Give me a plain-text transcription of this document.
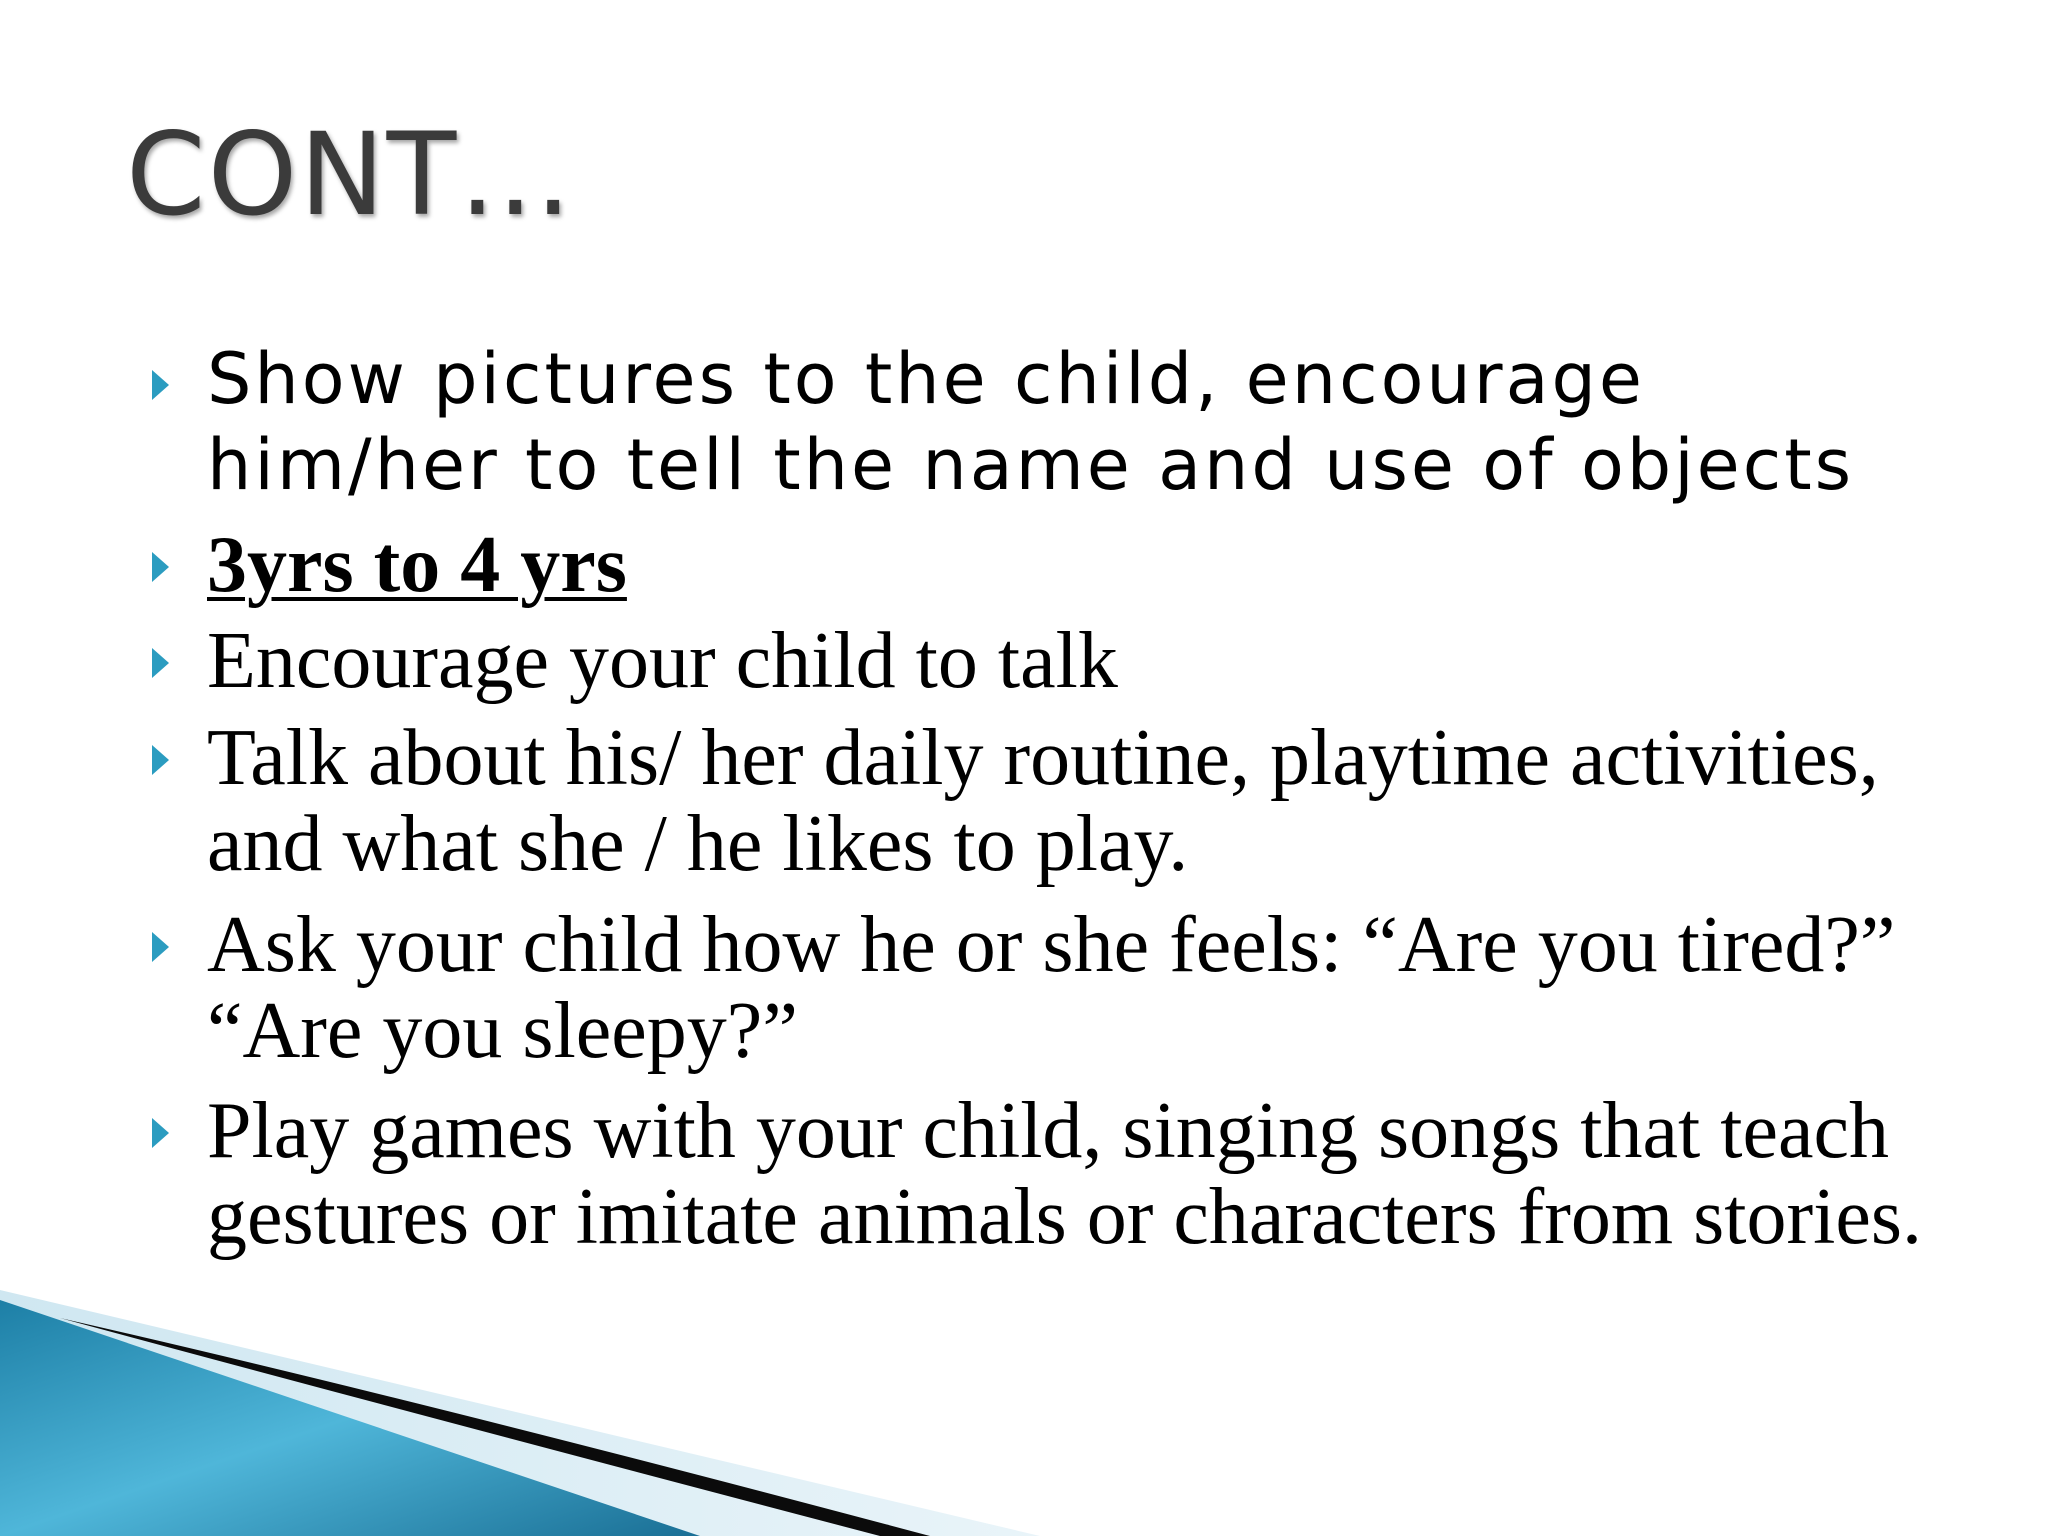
CONT…
Show pictures to the child, encourage
him/her to tell the name and use of objects
3yrs to 4 yrs
Encourage your child to talk
Talk about his/ her daily routine, playtime activities,
and what she / he likes to play.
Ask your child how he or she feels: “Are you tired?”
“Are you sleepy?”
Play games with your child, singing songs that teach
gestures or imitate animals or characters from stories.
